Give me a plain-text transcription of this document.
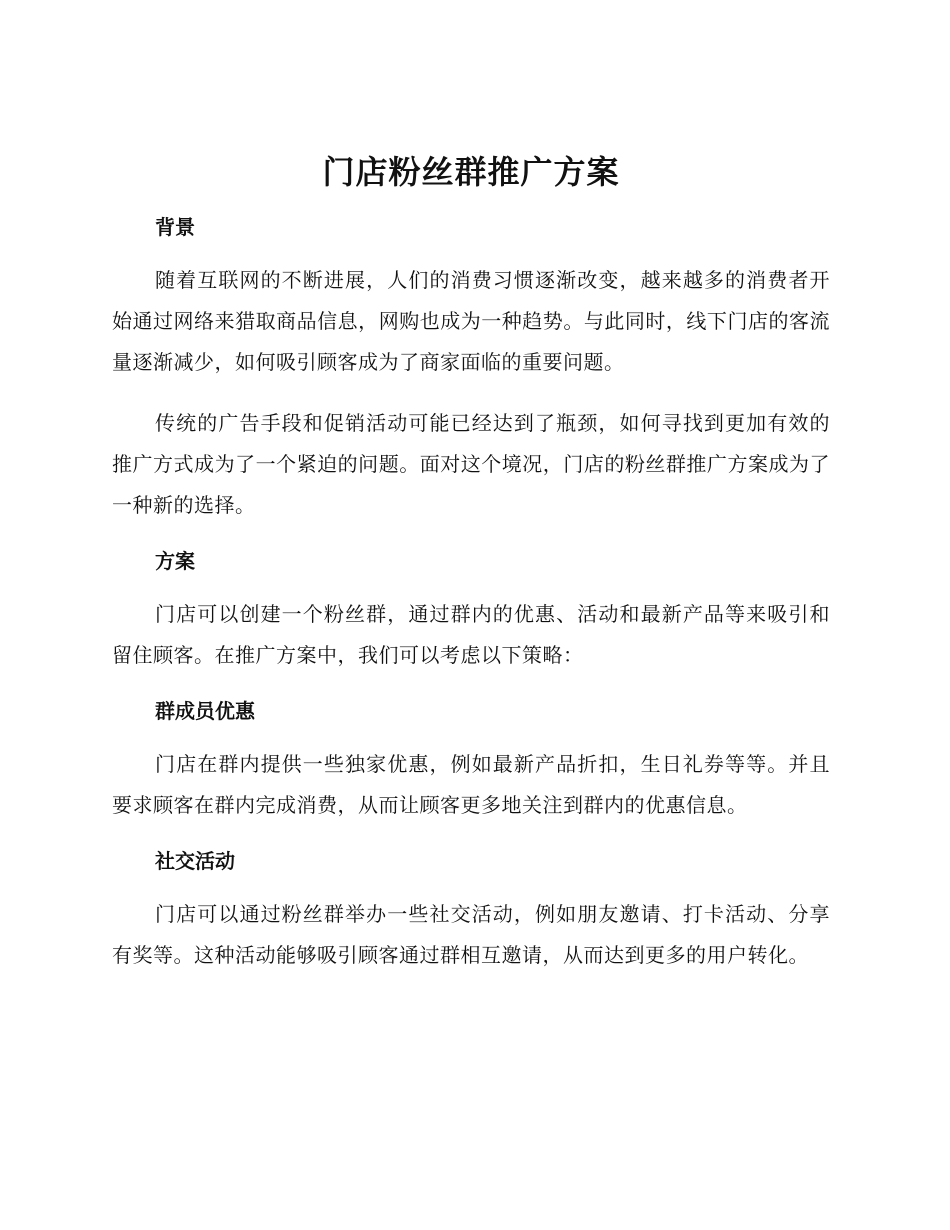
门店粉丝群推广方案
背景

随着互联网的不断进展，人们的消费习惯逐渐改变，越来越多的消费者开始通过网络来猎取商品信息，网购也成为一种趋势。与此同时，线下门店的客流量逐渐减少，如何吸引顾客成为了商家面临的重要问题。

传统的广告手段和促销活动可能已经达到了瓶颈，如何寻找到更加有效的推广方式成为了一个紧迫的问题。面对这个境况，门店的粉丝群推广方案成为了一种新的选择。

方案

门店可以创建一个粉丝群，通过群内的优惠、活动和最新产品等来吸引和留住顾客。在推广方案中，我们可以考虑以下策略：

群成员优惠

门店在群内提供一些独家优惠，例如最新产品折扣，生日礼券等等。并且要求顾客在群内完成消费，从而让顾客更多地关注到群内的优惠信息。

社交活动

门店可以通过粉丝群举办一些社交活动，例如朋友邀请、打卡活动、分享有奖等。这种活动能够吸引顾客通过群相互邀请，从而达到更多的用户转化。
